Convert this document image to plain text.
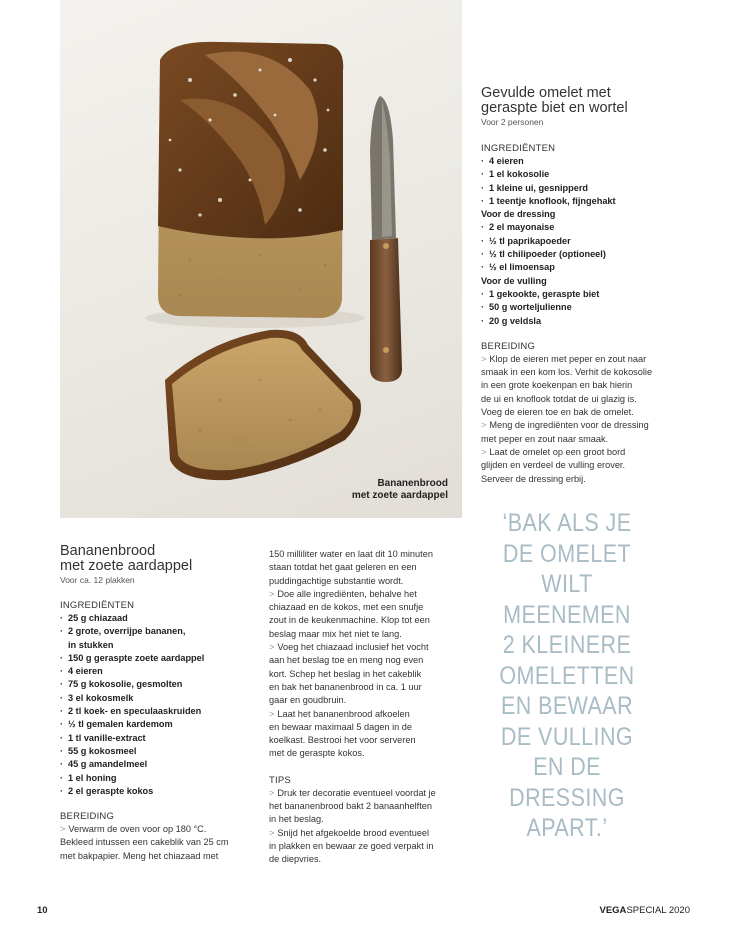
Bananenbrood
met zoete aardappel
Gevulde omelet met
geraspte biet en wortel

Voor 2 personen

INGREDIËNTEN

· 4 eieren
· 1 el kokosolie
· 1 kleine ui, gesnipperd
· 1 teentje knoflook, fijngehakt
Voor de dressing
· 2 el mayonaise
· ½ tl paprikapoeder
· ½ tl chilipoeder (optioneel)
· ½ el limoensap
Voor de vulling
· 1 gekookte, geraspte biet
· 50 g worteljulienne
· 20 g veldsla

BEREIDING

> Klop de eieren met peper en zout naar

smaak in een kom los. Verhit de kokosolie

in een grote koekenpan en bak hierin

de ui en knoflook totdat de ui glazig is.

Voeg de eieren toe en bak de omelet.

> Meng de ingrediënten voor de dressing

met peper en zout naar smaak.

> Laat de omelet op een groot bord

glijden en verdeel de vulling erover.

Serveer de dressing erbij.

Bananenbrood
met zoete aardappel

Voor ca. 12 plakken

INGREDIËNTEN

· 25 g chiazaad
· 2 grote, overrijpe bananen,
in stukken
· 150 g geraspte zoete aardappel
· 4 eieren
· 75 g kokosolie, gesmolten
· 3 el kokosmelk
· 2 tl koek- en speculaaskruiden
· ½ tl gemalen kardemom
· 1 tl vanille-extract
· 55 g kokosmeel
· 45 g amandelmeel
· 1 el honing
· 2 el geraspte kokos

BEREIDING

> Verwarm de oven voor op 180 °C.

Bekleed intussen een cakeblik van 25 cm

met bakpapier. Meng het chiazaad met

150 milliliter water en laat dit 10 minuten

staan totdat het gaat geleren en een

puddingachtige substantie wordt.

> Doe alle ingrediënten, behalve het

chiazaad en de kokos, met een snufje

zout in de keukenmachine. Klop tot een

beslag maar mix het niet te lang.

> Voeg het chiazaad inclusief het vocht

aan het beslag toe en meng nog even

kort. Schep het beslag in het cakeblik

en bak het bananenbrood in ca. 1 uur

gaar en goudbruin.

> Laat het bananenbrood afkoelen

en bewaar maximaal 5 dagen in de

koelkast. Bestrooi het voor serveren

met de geraspte kokos.

TIPS

> Druk ter decoratie eventueel voordat je

het bananenbrood bakt 2 banaanhelften

in het beslag.

> Snijd het afgekoelde brood eventueel

in plakken en bewaar ze goed verpakt in

de diepvries.

‘BAK ALS JE
DE OMELET
WILT
MEENEMEN
2 KLEINERE
OMELETTEN
EN BEWAAR
DE VULLING
EN DE
DRESSING
APART.’
10	VEGASPECIAL 2020
